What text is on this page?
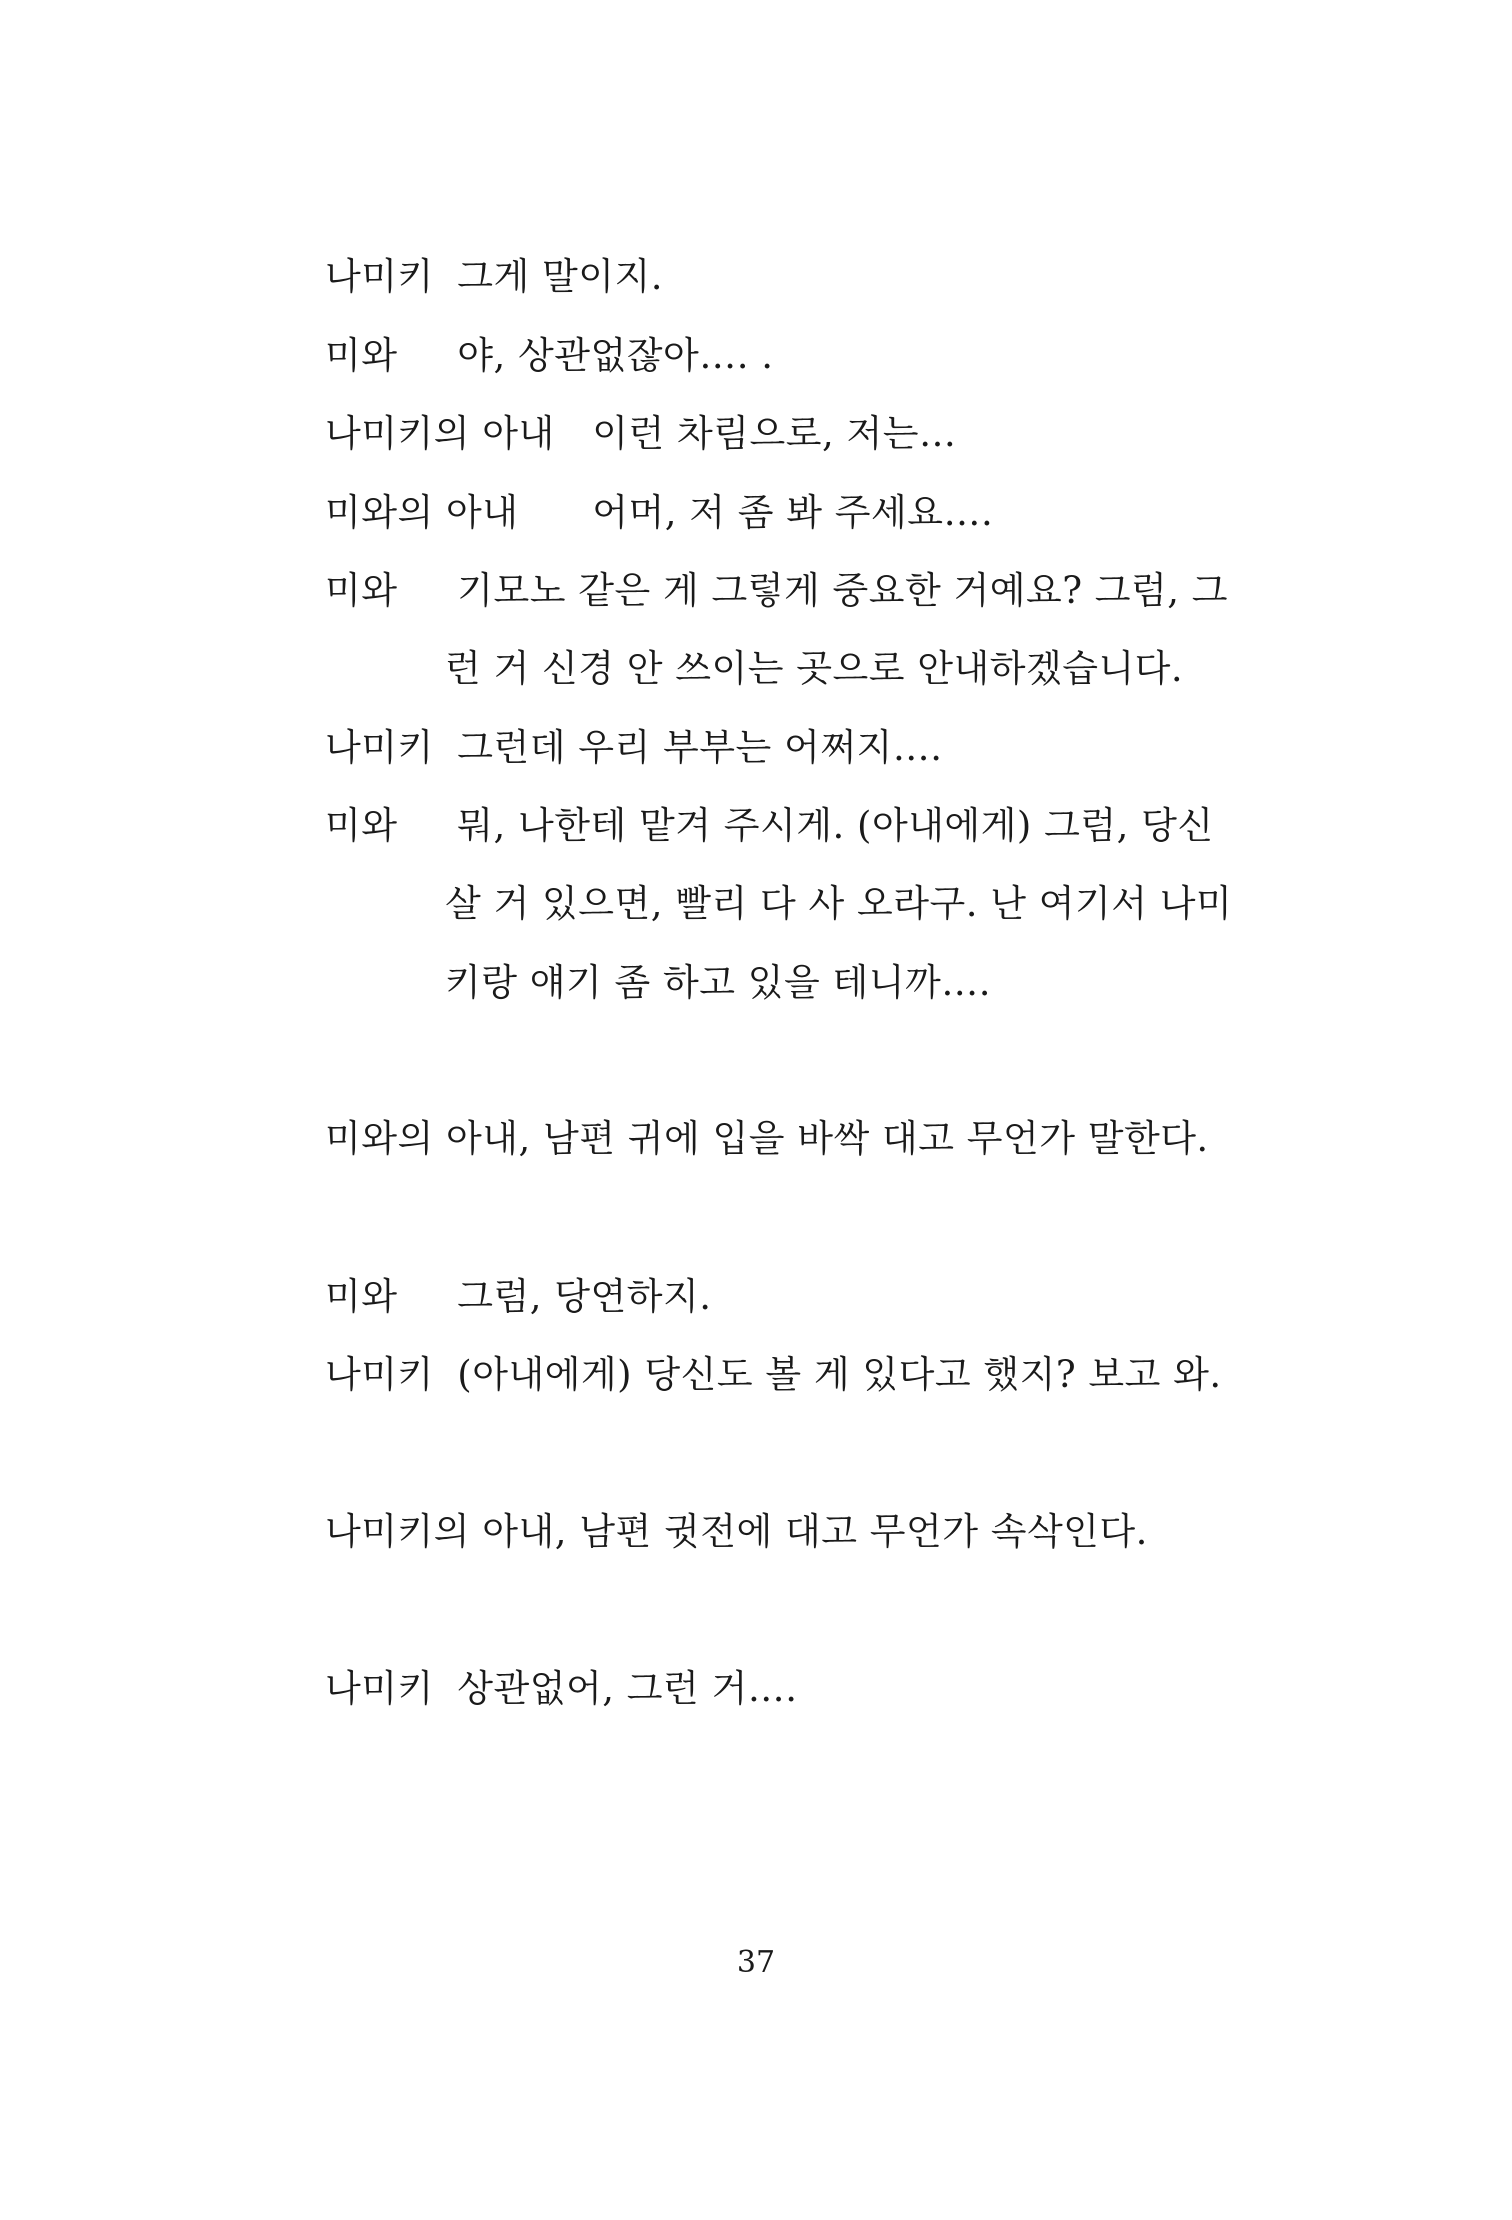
나미키 그게 말이지.
미와 야, 상관없잖아…. .
나미키의 아내 이런 차림으로, 저는…
미와의 아내 어머, 저 좀 봐 주세요….
미와 기모노 같은 게 그렇게 중요한 거예요? 그럼, 그
런 거 신경 안 쓰이는 곳으로 안내하겠습니다.
나미키 그런데 우리 부부는 어쩌지….
미와 뭐, 나한테 맡겨 주시게. (아내에게) 그럼, 당신
살 거 있으면, 빨리 다 사 오라구. 난 여기서 나미
키랑 얘기 좀 하고 있을 테니까….
미와의 아내, 남편 귀에 입을 바싹 대고 무언가 말한다.
미와 그럼, 당연하지.
나미키 (아내에게) 당신도 볼 게 있다고 했지? 보고 와.
나미키의 아내, 남편 귓전에 대고 무언가 속삭인다.
나미키 상관없어, 그런 거….
37
